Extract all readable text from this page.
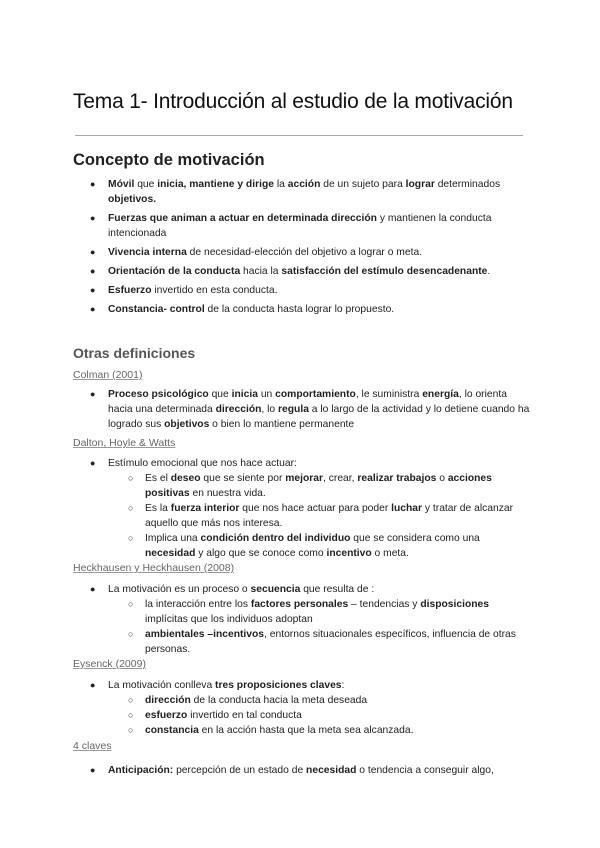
Tema 1- Introducción al estudio de la motivación
Concepto de motivación
● Móvil que inicia, mantiene y dirige la acción de un sujeto para lograr determinados objetivos.
● Fuerzas que animan a actuar en determinada dirección y mantienen la conducta intencionada
● Vivencia interna de necesidad-elección del objetivo a lograr o meta.
● Orientación de la conducta hacia la satisfacción del estímulo desencadenante.
● Esfuerzo invertido en esta conducta.
● Constancia- control de la conducta hasta lograr lo propuesto.
Otras definiciones
Colman (2001)
● Proceso psicológico que inicia un comportamiento, le suministra energía, lo orienta hacia una determinada dirección, lo regula a lo largo de la actividad y lo detiene cuando ha logrado sus objetivos o bien lo mantiene permanente
Dalton, Hoyle & Watts
● Estímulo emocional que nos hace actuar:
○ Es el deseo que se siente por mejorar, crear, realizar trabajos o acciones positivas en nuestra vida.
○ Es la fuerza interior que nos hace actuar para poder luchar y tratar de alcanzar aquello que más nos interesa.
○ Implica una condición dentro del individuo que se considera como una necesidad y algo que se conoce como incentivo o meta.
Heckhausen y Heckhausen (2008)
● La motivación es un proceso o secuencia que resulta de :
○ la interacción entre los factores personales – tendencias y disposiciones implícitas que los individuos adoptan
○ ambientales –incentivos, entornos situacionales específicos, influencia de otras personas.
Eysenck (2009)
● La motivación conlleva tres proposiciones claves:
○ dirección de la conducta hacia la meta deseada
○ esfuerzo invertido en tal conducta
○ constancia en la acción hasta que la meta sea alcanzada.
4 claves
● Anticipación: percepción de un estado de necesidad o tendencia a conseguir algo,
